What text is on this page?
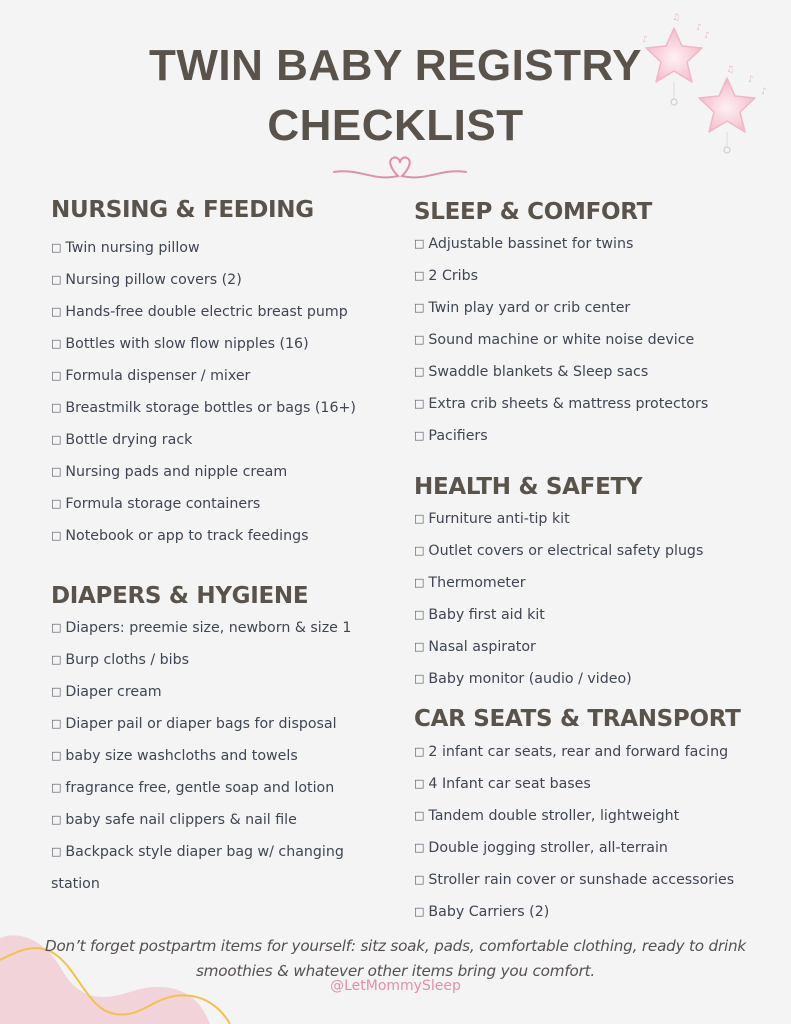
TWIN BABY REGISTRY
CHECKLIST
♫
♪
♪
♫
♪
♪
♪
NURSING & FEEDING
□ Twin nursing pillow
□ Nursing pillow covers (2)
□ Hands-free double electric breast pump
□ Bottles with slow flow nipples (16)
□ Formula dispenser / mixer
□ Breastmilk storage bottles or bags (16+)
□ Bottle drying rack
□ Nursing pads and nipple cream
□ Formula storage containers
□ Notebook or app to track feedings
DIAPERS & HYGIENE
□ Diapers: preemie size, newborn & size 1
□ Burp cloths / bibs
□ Diaper cream
□ Diaper pail or diaper bags for disposal
□ baby size washcloths and towels
□ fragrance free, gentle soap and lotion
□ baby safe nail clippers & nail file
□ Backpack style diaper bag w/ changing station
SLEEP & COMFORT
□ Adjustable bassinet for twins
□ 2 Cribs
□ Twin play yard or crib center
□ Sound machine or white noise device
□ Swaddle blankets & Sleep sacs
□ Extra crib sheets & mattress protectors
□ Pacifiers
HEALTH & SAFETY
□ Furniture anti-tip kit
□ Outlet covers or electrical safety plugs
□ Thermometer
□ Baby first aid kit
□ Nasal aspirator
□ Baby monitor (audio / video)
CAR SEATS & TRANSPORT
□ 2 infant car seats, rear and forward facing
□ 4 Infant car seat bases
□ Tandem double stroller, lightweight
□ Double jogging stroller, all-terrain
□ Stroller rain cover or sunshade accessories
□ Baby Carriers (2)

Don’t forget postpartm items for yourself: sitz soak, pads, comfortable clothing, ready to drink smoothies & whatever other items bring you comfort.

@LetMommySleep
